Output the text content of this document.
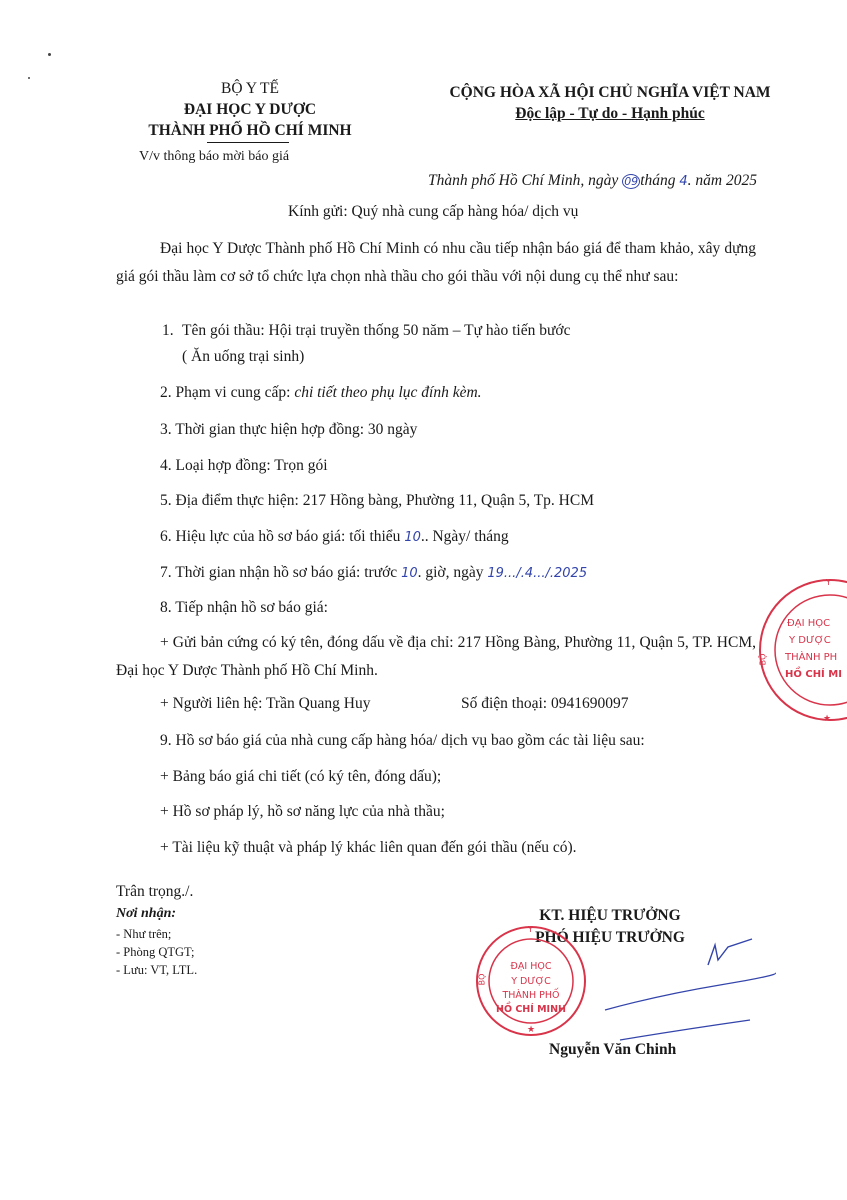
BỘ Y TẾ
ĐẠI HỌC Y DƯỢC
THÀNH PHỐ HỒ CHÍ MINH
V/v thông báo mời báo giá
CỘNG HÒA XÃ HỘI CHỦ NGHĨA VIỆT NAM
Độc lập - Tự do - Hạnh phúc
Thành phố Hồ Chí Minh, ngày 09 tháng 4. năm 2025
Kính gửi: Quý nhà cung cấp hàng hóa/ dịch vụ
Đại học Y Dược Thành phố Hồ Chí Minh có nhu cầu tiếp nhận báo giá để tham khảo, xây dựng giá gói thầu làm cơ sở tổ chức lựa chọn nhà thầu cho gói thầu với nội dung cụ thể như sau:
1. Tên gói thầu: Hội trại truyền thống 50 năm – Tự hào tiến bước
( Ăn uống trại sinh)
2. Phạm vi cung cấp: chi tiết theo phụ lục đính kèm.
3. Thời gian thực hiện hợp đồng: 30 ngày
4. Loại hợp đồng: Trọn gói
5. Địa điểm thực hiện: 217 Hồng bàng, Phường 11, Quận 5, Tp. HCM
6. Hiệu lực của hồ sơ báo giá: tối thiểu 10.. Ngày/ tháng
7. Thời gian nhận hồ sơ báo giá: trước 10. giờ, ngày 19.../.4.../.2025
8. Tiếp nhận hồ sơ báo giá:
+ Gửi bản cứng có ký tên, đóng dấu về địa chỉ: 217 Hồng Bàng, Phường 11, Quận 5, TP. HCM, Đại học Y Dược Thành phố Hồ Chí Minh.
+ Người liên hệ: Trần Quang Huy	Số điện thoại: 0941690097
9. Hồ sơ báo giá của nhà cung cấp hàng hóa/ dịch vụ bao gồm các tài liệu sau:
+ Bảng báo giá chi tiết (có ký tên, đóng dấu);
+ Hồ sơ pháp lý, hồ sơ năng lực của nhà thầu;
+ Tài liệu kỹ thuật và pháp lý khác liên quan đến gói thầu (nếu có).
Trân trọng./.
Nơi nhận:
- Như trên;
- Phòng QTGT;
- Lưu: VT, LTL.
KT. HIỆU TRƯỞNG
PHÓ HIỆU TRƯỞNG
Nguyễn Văn Chinh
★
Y
BỘ
ĐẠI HỌC
Y DƯỢC
THÀNH PHỐ
HỒ CHÍ MINH
★
Y
BỘ
ĐẠI HỌC
Y DƯỢC
THÀNH PH
HỒ CHÍ MI
